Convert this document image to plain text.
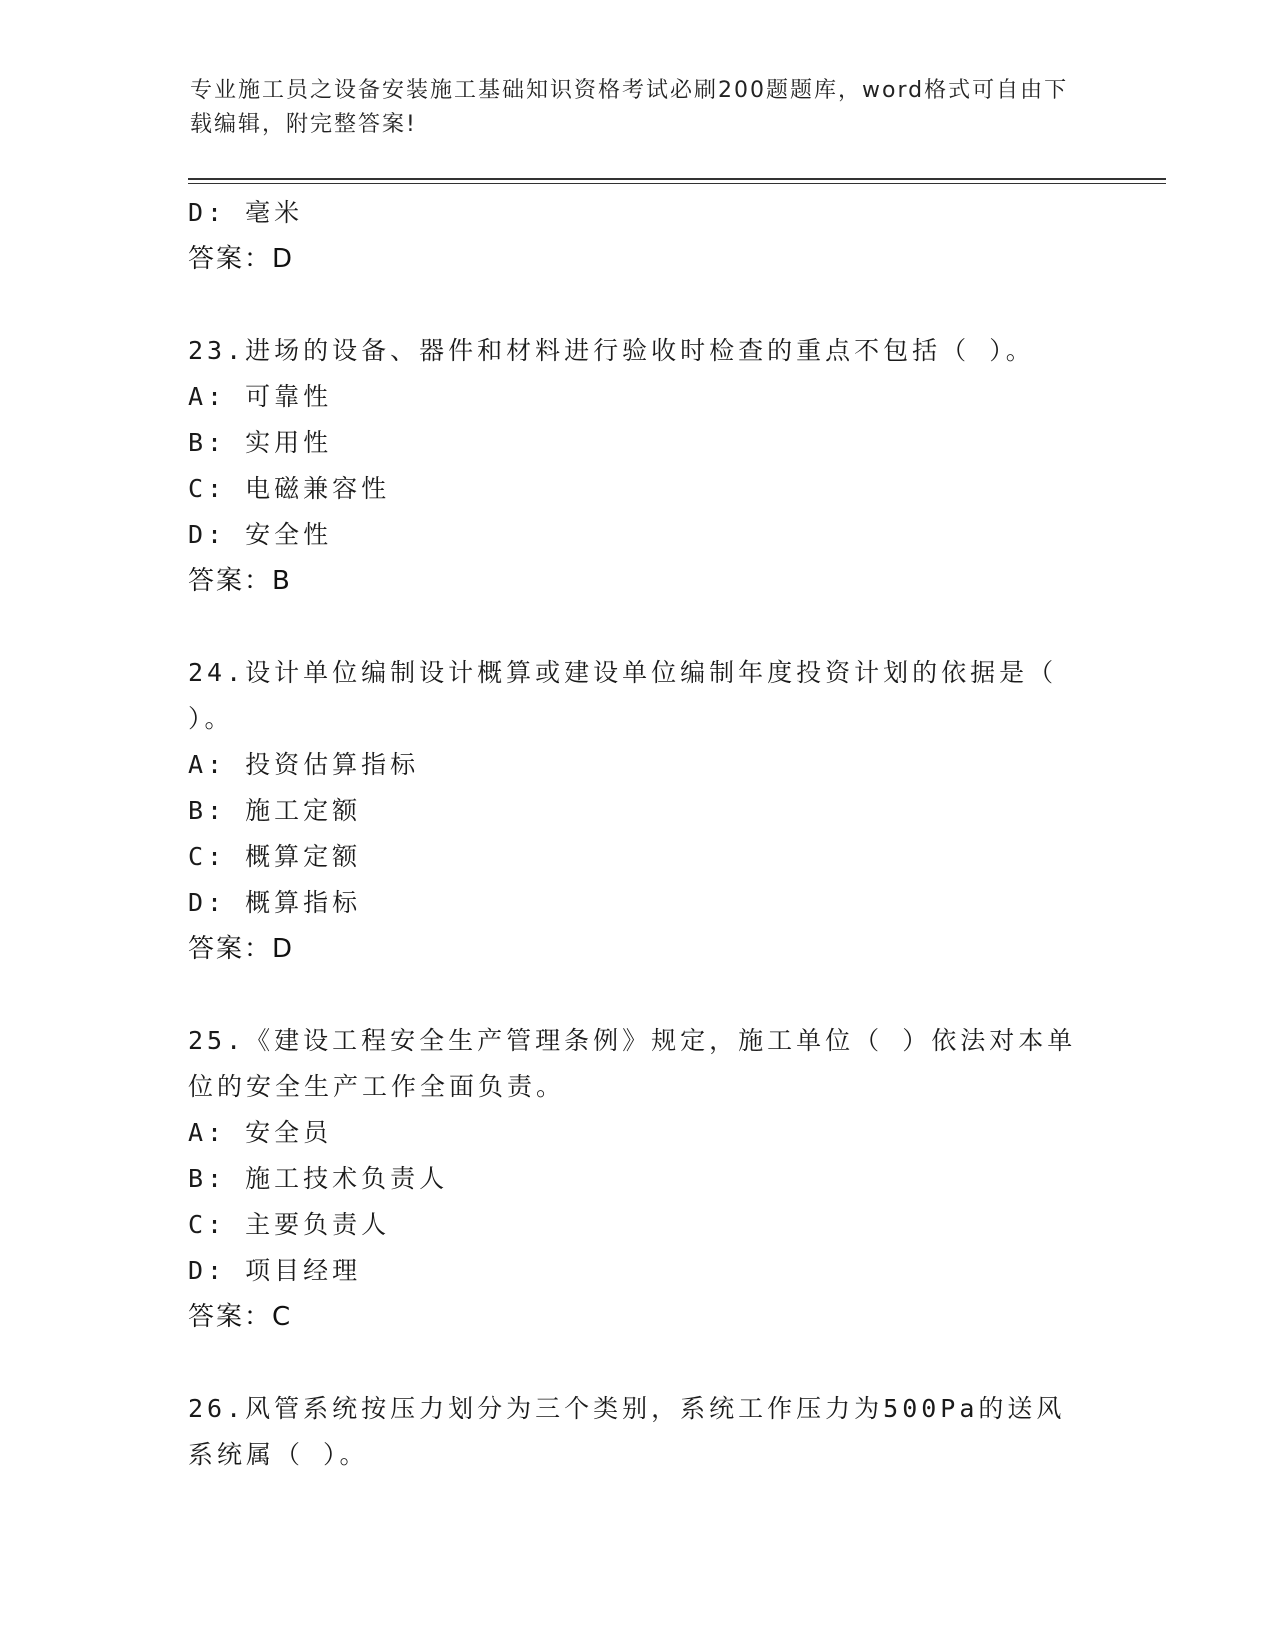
专业施工员之设备安装施工基础知识资格考试必刷200题题库，word格式可自由下载编辑，附完整答案!
D: 毫米
答案：D
23.进场的设备、器件和材料进行验收时检查的重点不包括（ ）。
A: 可靠性
B: 实用性
C: 电磁兼容性
D: 安全性
答案：B
24.设计单位编制设计概算或建设单位编制年度投资计划的依据是（ ）。
A: 投资估算指标
B: 施工定额
C: 概算定额
D: 概算指标
答案：D
25.《建设工程安全生产管理条例》规定，施工单位（ ）依法对本单位的安全生产工作全面负责。
A: 安全员
B: 施工技术负责人
C: 主要负责人
D: 项目经理
答案：C
26.风管系统按压力划分为三个类别，系统工作压力为500Pa的送风系统属（ ）。
